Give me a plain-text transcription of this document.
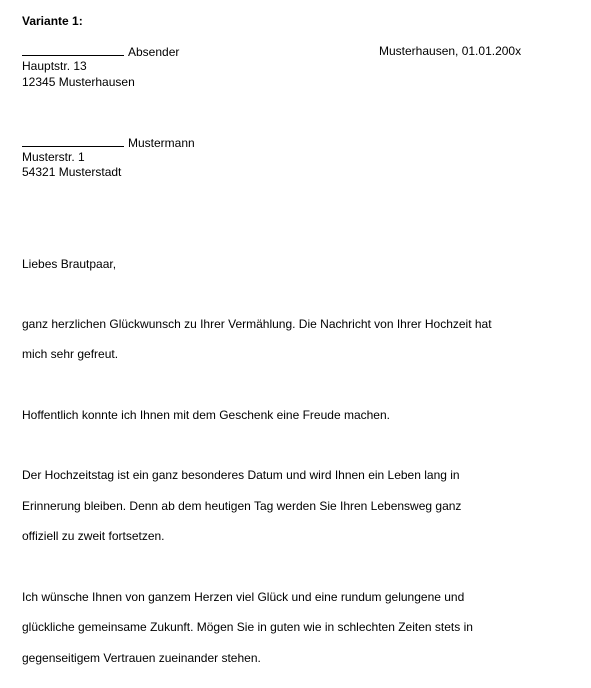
Variante 1:
Absender
Hauptstr. 13
12345 Musterhausen
Musterhausen, 01.01.200x
Mustermann
Musterstr. 1
54321 Musterstadt
Liebes Brautpaar,
ganz herzlichen Glückwunsch zu Ihrer Vermählung. Die Nachricht von Ihrer Hochzeit hat
mich sehr gefreut.
Hoffentlich konnte ich Ihnen mit dem Geschenk eine Freude machen.
Der Hochzeitstag ist ein ganz besonderes Datum und wird Ihnen ein Leben lang in
Erinnerung bleiben. Denn ab dem heutigen Tag werden Sie Ihren Lebensweg ganz
offiziell zu zweit fortsetzen.
Ich wünsche Ihnen von ganzem Herzen viel Glück und eine rundum gelungene und
glückliche gemeinsame Zukunft. Mögen Sie in guten wie in schlechten Zeiten stets in
gegenseitigem Vertrauen zueinander stehen.
